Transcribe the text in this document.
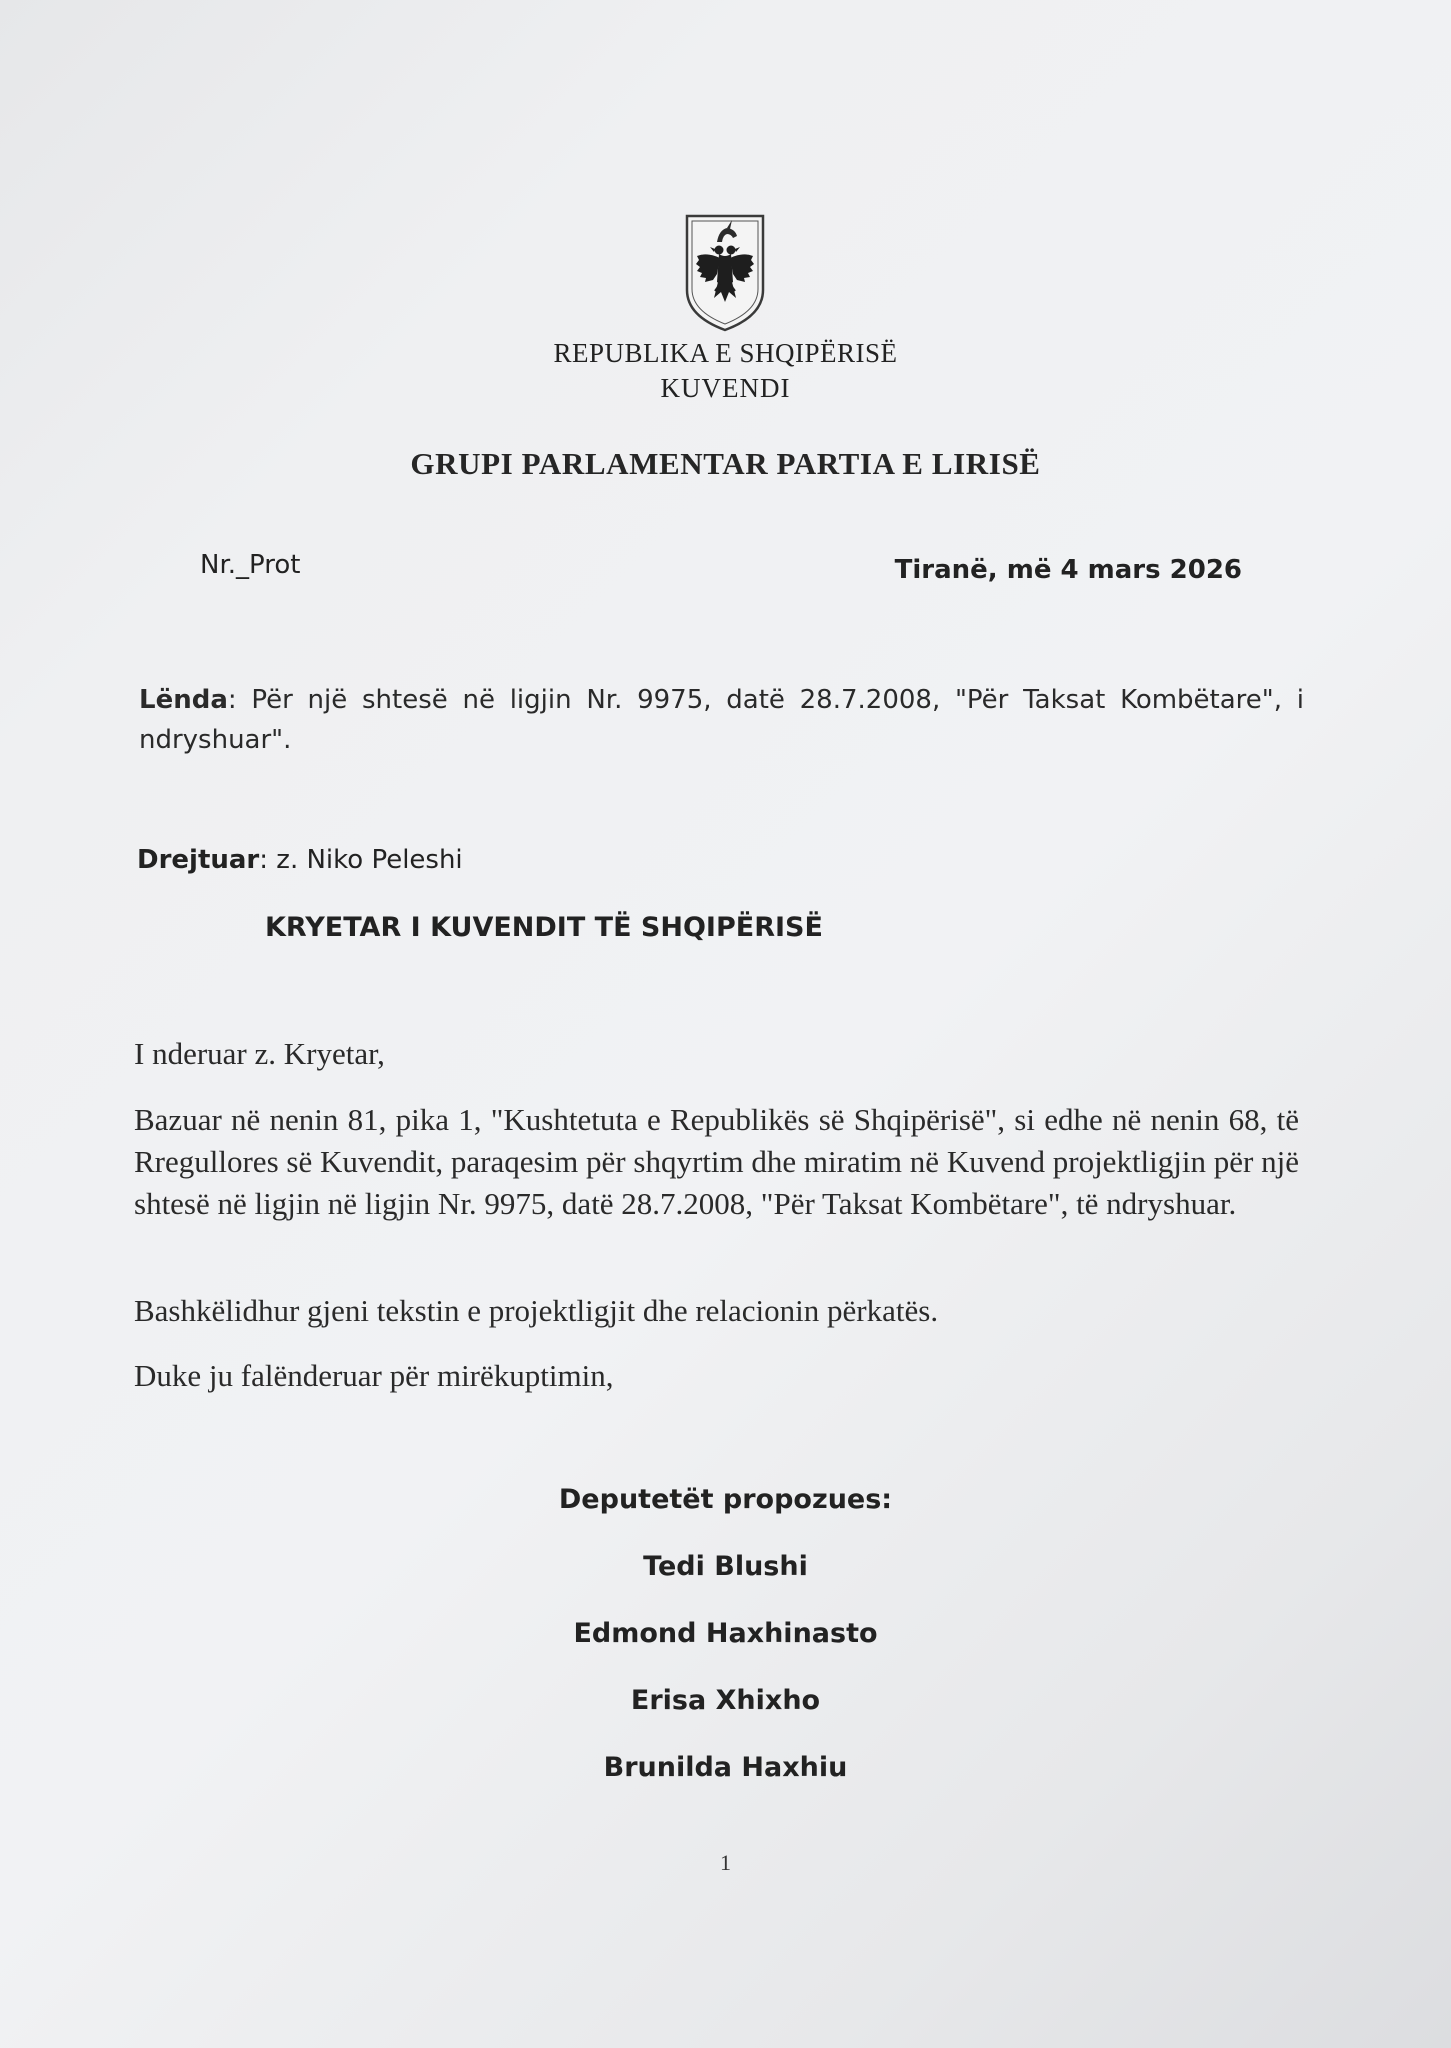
REPUBLIKA E SHQIPËRISË
KUVENDI
GRUPI PARLAMENTAR PARTIA E LIRISË
Nr._Prot	Tiranë, më 4 mars 2026
Lënda: Për një shtesë në ligjin Nr. 9975, datë 28.7.2008, "Për Taksat Kombëtare", i ndryshuar".
Drejtuar: z. Niko Peleshi
KRYETAR I KUVENDIT TË SHQIPËRISË
I nderuar z. Kryetar,
Bazuar në nenin 81, pika 1, "Kushtetuta e Republikës së Shqipërisë", si edhe në nenin 68, të Rregullores së Kuvendit, paraqesim për shqyrtim dhe miratim në Kuvend projektligjin për një shtesë në ligjin në ligjin Nr. 9975, datë 28.7.2008, "Për Taksat Kombëtare", të ndryshuar.
Bashkëlidhur gjeni tekstin e projektligjit dhe relacionin përkatës.
Duke ju falënderuar për mirëkuptimin,
Deputetët propozues:
Tedi Blushi
Edmond Haxhinasto
Erisa Xhixho
Brunilda Haxhiu
1
